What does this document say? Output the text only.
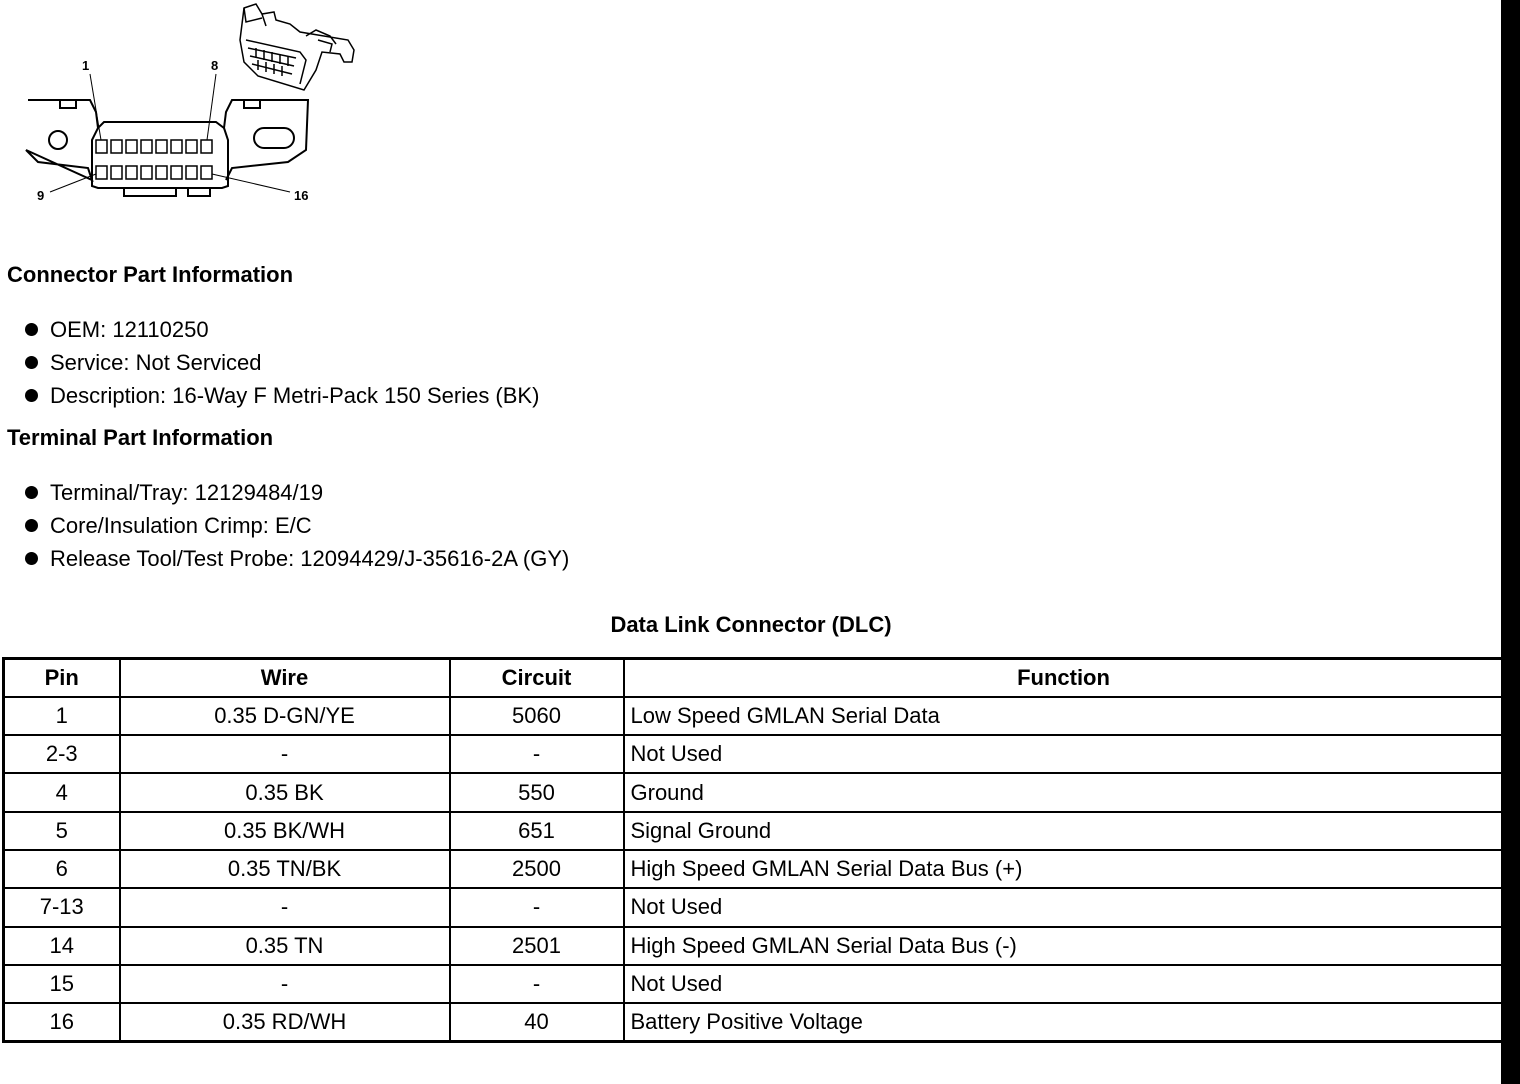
1	8
9	16
Connector Part Information
OEM: 12110250
Service: Not Serviced
Description: 16-Way F Metri-Pack 150 Series (BK)
Terminal Part Information
Terminal/Tray: 12129484/19
Core/Insulation Crimp: E/C
Release Tool/Test Probe: 12094429/J-35616-2A (GY)
Data Link Connector (DLC)
Pin	Wire	Circuit	Function
1	0.35 D-GN/YE	5060	Low Speed GMLAN Serial Data
2-3	-	-	Not Used
4	0.35 BK	550	Ground
5	0.35 BK/WH	651	Signal Ground
6	0.35 TN/BK	2500	High Speed GMLAN Serial Data Bus (+)
7-13	-	-	Not Used
14	0.35 TN	2501	High Speed GMLAN Serial Data Bus (-)
15	-	-	Not Used
16	0.35 RD/WH	40	Battery Positive Voltage
